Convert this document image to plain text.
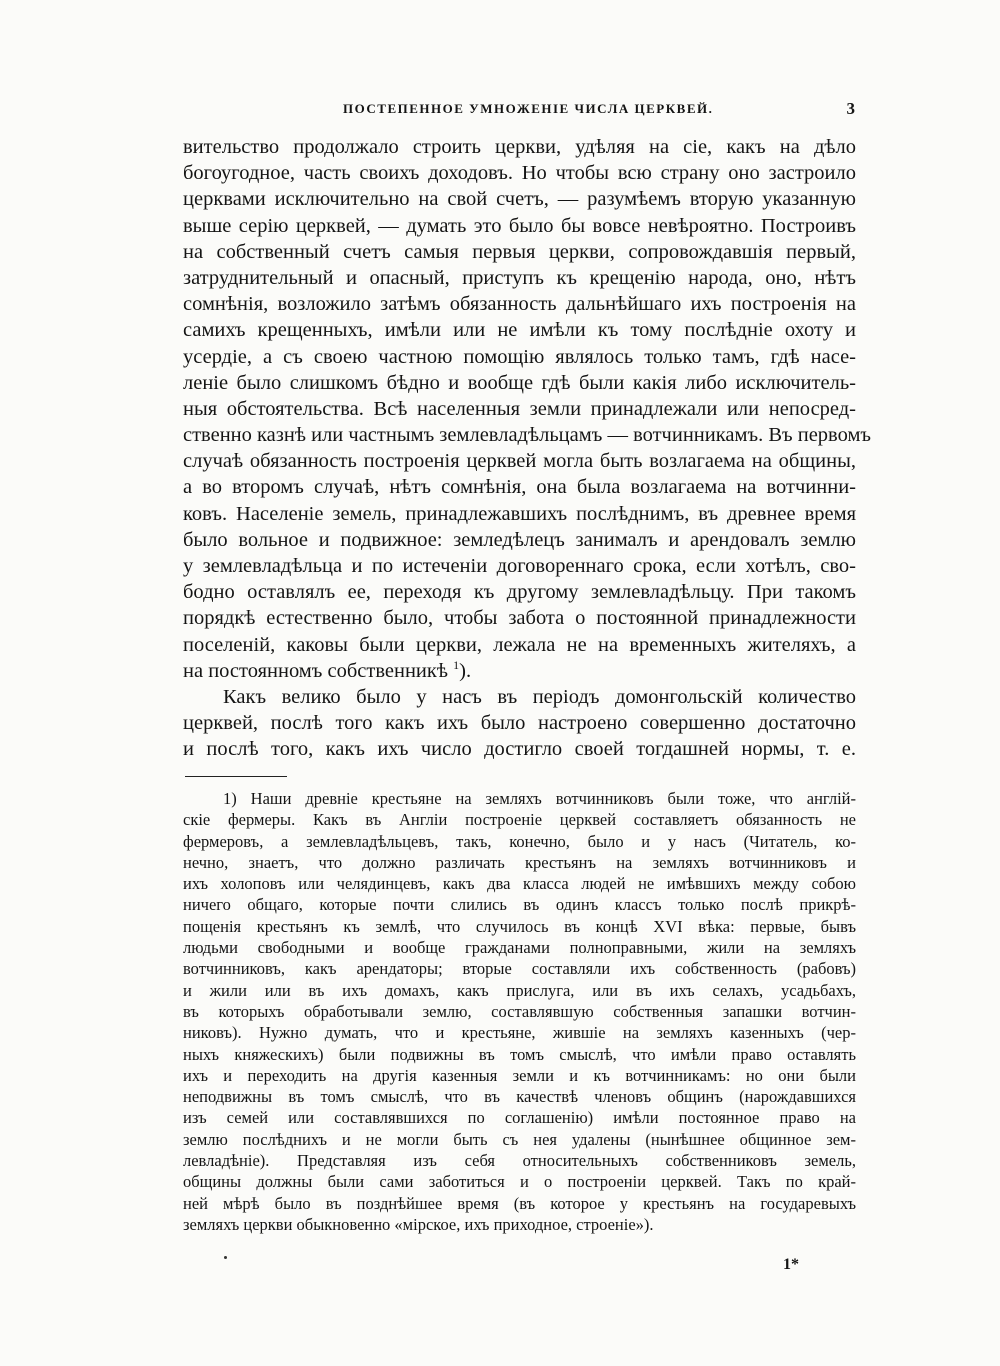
ПОСТЕПЕННОЕ УМНОЖЕНІЕ ЧИСЛА ЦЕРКВЕЙ.	3
вительство продолжало строить церкви, удѣляя на сіе, какъ на дѣло
богоугодное, часть своихъ доходовъ. Но чтобы всю страну оно застроило
церквами исключительно на свой счетъ, — разумѣемъ вторую указанную
выше серію церквей, — думать это было бы вовсе невѣроятно. Построивъ
на собственный счетъ самыя первыя церкви, сопровождавшія первый,
затруднительный и опасный, приступъ къ крещенію народа, оно, нѣтъ
сомнѣнія, возложило затѣмъ обязанность дальнѣйшаго ихъ построенія на
самихъ крещенныхъ, имѣли или не имѣли къ тому послѣдніе охоту и
усердіе, а съ своею частною помощію являлось только тамъ, гдѣ насе-
леніе было слишкомъ бѣдно и вообще гдѣ были какія либо исключитель-
ныя обстоятельства. Всѣ населенныя земли принадлежали или непосред-
ственно казнѣ или частнымъ землевладѣльцамъ — вотчинникамъ. Въ первомъ
случаѣ обязанность построенія церквей могла быть возлагаема на общины,
а во второмъ случаѣ, нѣтъ сомнѣнія, она была возлагаема на вотчинни-
ковъ. Населеніе земель, принадлежавшихъ послѣднимъ, въ древнее время
было вольное и подвижное: земледѣлецъ занималъ и арендовалъ землю
у землевладѣльца и по истеченіи договореннаго срока, если хотѣлъ, сво-
бодно оставлялъ ее, переходя къ другому землевладѣльцу. При такомъ
порядкѣ естественно было, чтобы забота о постоянной принадлежности
поселеній, каковы были церкви, лежала не на временныхъ жителяхъ, а
на постоянномъ собственникѣ $^1$).
Какъ велико было у насъ въ періодъ домонгольскій количество
церквей, послѣ того какъ ихъ было настроено совершенно достаточно
и послѣ того, какъ ихъ число достигло своей тогдашней нормы, т. е.
1) Наши древніе крестьяне на земляхъ вотчинниковъ были тоже, что англій-
скіе фермеры. Какъ въ Англіи построеніе церквей составляетъ обязанность не
фермеровъ, а землевладѣльцевъ, такъ, конечно, было и у насъ (Читатель, ко-
нечно, знаетъ, что должно различать крестьянъ на земляхъ вотчинниковъ и
ихъ холоповъ или челядинцевъ, какъ два класса людей не имѣвшихъ между собою
ничего общаго, которые почти слились въ одинъ классъ только послѣ прикрѣ-
пощенія крестьянъ къ землѣ, что случилось въ концѣ XVI вѣка: первые, бывъ
людьми свободными и вообще гражданами полноправными, жили на земляхъ
вотчинниковъ, какъ арендаторы; вторые составляли ихъ собственность (рабовъ)
и жили или въ ихъ домахъ, какъ прислуга, или въ ихъ селахъ, усадьбахъ,
въ которыхъ обработывали землю, составлявшую собственныя запашки вотчин-
никовъ). Нужно думать, что и крестьяне, жившіе на земляхъ казенныхъ (чер-
ныхъ княжескихъ) были подвижны въ томъ смыслѣ, что имѣли право оставлять
ихъ и переходить на другія казенныя земли и къ вотчинникамъ: но они были
неподвижны въ томъ смыслѣ, что въ качествѣ членовъ общинъ (нарождавшихся
изъ семей или составлявшихся по соглашенію) имѣли постоянное право на
землю послѣднихъ и не могли быть съ нея удалены (нынѣшнее общинное зем-
левладѣніе). Представляя изъ себя относительныхъ собственниковъ земель,
общины должны были сами заботиться и о построеніи церквей. Такъ по край-
ней мѣрѣ было въ позднѣйшее время (въ которое у крестьянъ на государевыхъ
земляхъ церкви обыкновенно «мірское, ихъ приходное, строеніе»).
1*
